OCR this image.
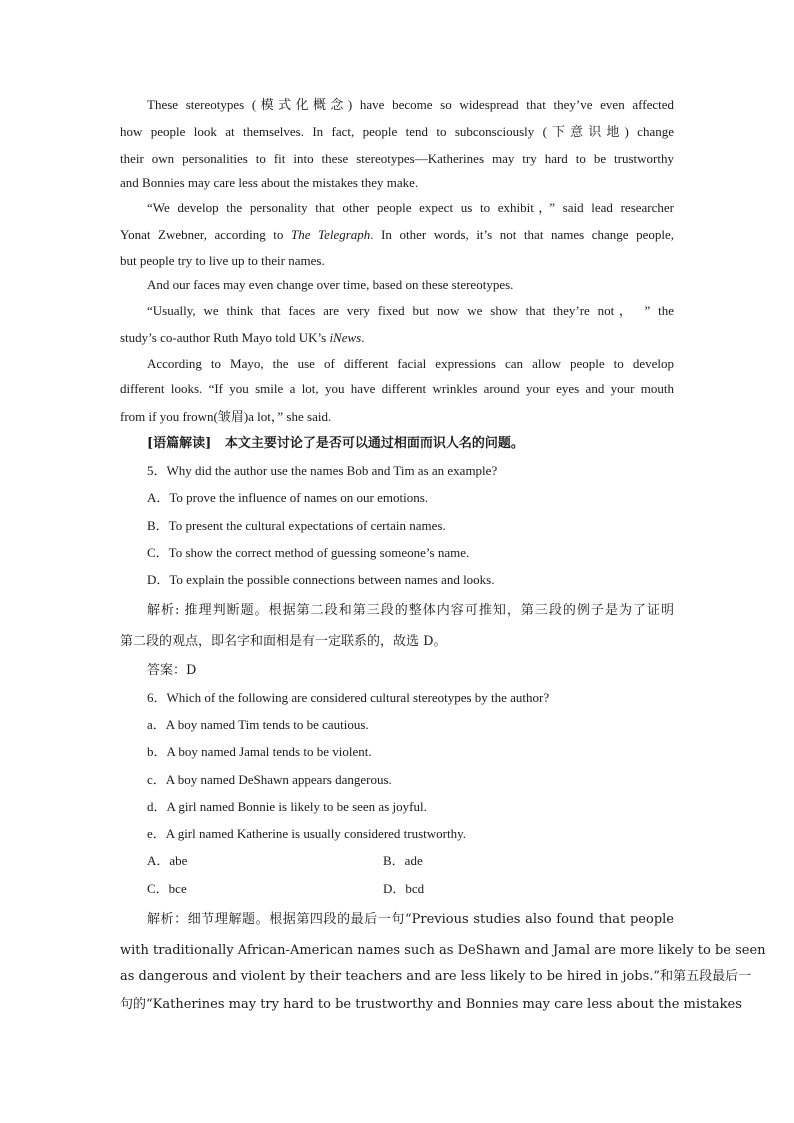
These stereotypes (模式化概念) have become so widespread that they’ve even affected
how people look at themselves. In fact, people tend to subconsciously (下意识地) change
their own personalities to fit into these stereotypes—Katherines may try hard to be trustworthy
and Bonnies may care less about the mistakes they make.
“We develop the personality that other people expect us to exhibit，” said lead researcher
Yonat Zwebner, according to The Telegraph. In other words, it’s not that names change people,
but people try to live up to their names.
And our faces may even change over time, based on these stereotypes.
“Usually, we think that faces are very fixed but now we show that they’re not， ” the
study’s co-author Ruth Mayo told UK’s iNews.
According to Mayo, the use of different facial expressions can allow people to develop
different looks. “If you smile a lot, you have different wrinkles around your eyes and your mouth
from if you frown(皱眉)a lot，” she said.
[语篇解读] 本文主要讨论了是否可以通过相面而识人名的问题。
5．Why did the author use the names Bob and Tim as an example?
A．To prove the influence of names on our emotions.
B．To present the cultural expectations of certain names.
C．To show the correct method of guessing someone’s name.
D．To explain the possible connections between names and looks.
解析: 推理判断题。根据第二段和第三段的整体内容可推知，第三段的例子是为了证明
第二段的观点，即名字和面相是有一定联系的，故选 D。
答案：D
6．Which of the following are considered cultural stereotypes by the author?
a．A boy named Tim tends to be cautious.
b．A boy named Jamal tends to be violent.
c．A boy named DeShawn appears dangerous.
d．A girl named Bonnie is likely to be seen as joyful.
e．A girl named Katherine is usually considered trustworthy.
A．abe	B．ade
C．bce	D．bcd
解析：细节理解题。根据第四段的最后一句“Previous studies also found that people
with traditionally African-American names such as DeShawn and Jamal are more likely to be seen
as dangerous and violent by their teachers and are less likely to be hired in jobs.”和第五段最后一
句的“Katherines may try hard to be trustworthy and Bonnies may care less about the mistakes
